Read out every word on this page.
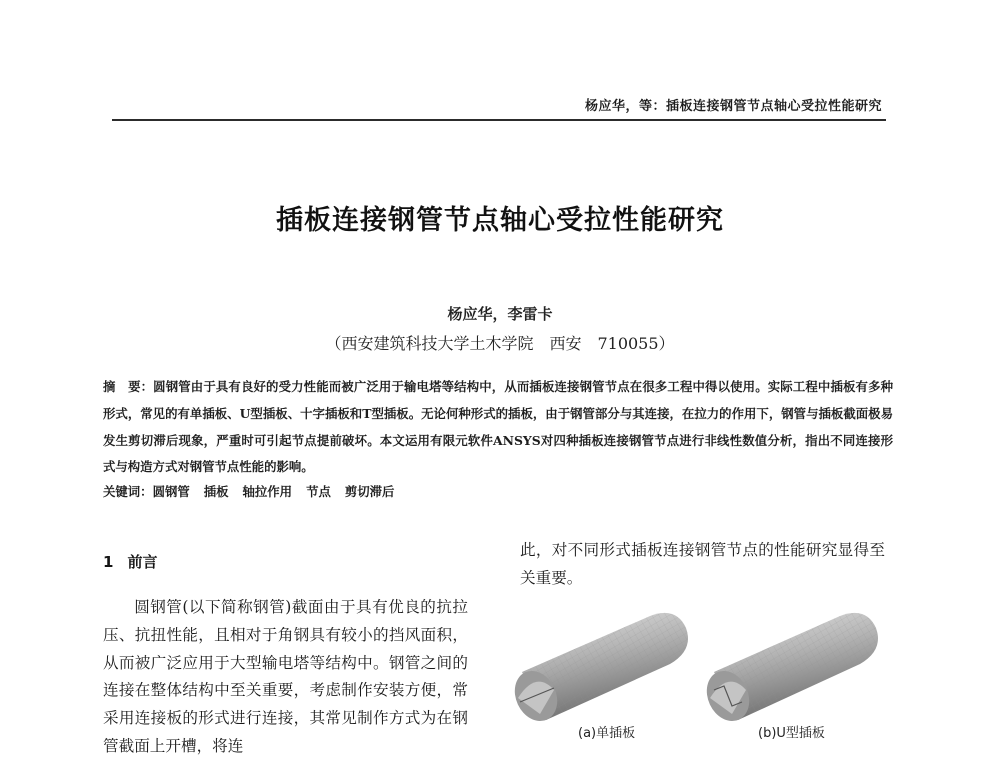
杨应华，等：插板连接钢管节点轴心受拉性能研究
插板连接钢管节点轴心受拉性能研究
杨应华，李雷卡
（西安建筑科技大学土木学院　西安　710055）
摘　要：圆钢管由于具有良好的受力性能而被广泛用于输电塔等结构中，从而插板连接钢管节点在很多工程中得以使用。实际工程中插板有多种形式，常见的有单插板、U型插板、十字插板和T型插板。无论何种形式的插板，由于钢管部分与其连接，在拉力的作用下，钢管与插板截面极易发生剪切滞后现象，严重时可引起节点提前破坏。本文运用有限元软件ANSYS对四种插板连接钢管节点进行非线性数值分析，指出不同连接形式与构造方式对钢管节点性能的影响。
关键词：圆钢管 插板 轴拉作用 节点 剪切滞后
1 前言
圆钢管(以下简称钢管)截面由于具有优良的抗拉压、抗扭性能，且相对于角钢具有较小的挡风面积，从而被广泛应用于大型输电塔等结构中。钢管之间的连接在整体结构中至关重要，考虑制作安装方便，常采用连接板的形式进行连接，其常见制作方式为在钢管截面上开槽，将连
此，对不同形式插板连接钢管节点的性能研究显得至关重要。
(a)单插板	(b)U型插板
